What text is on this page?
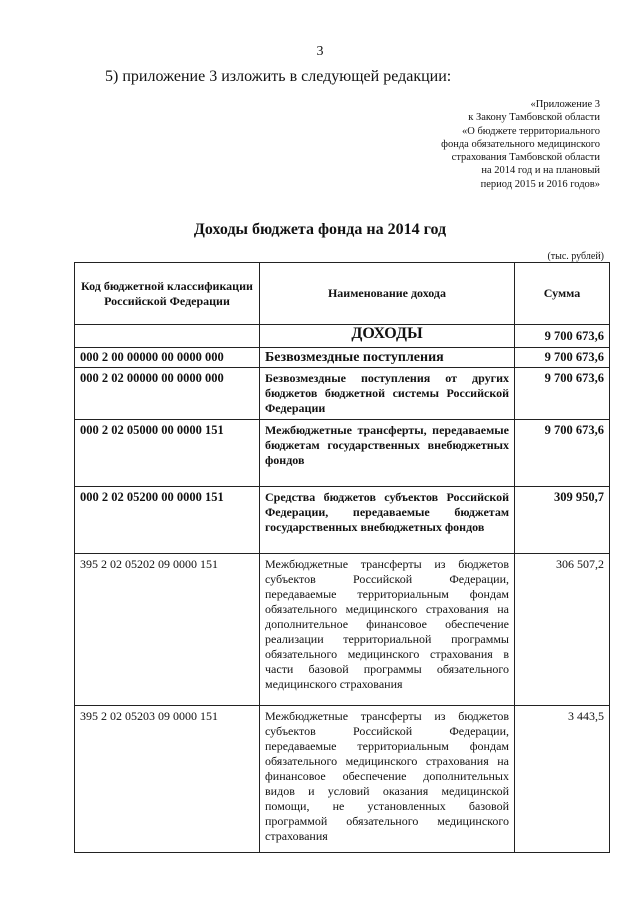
3
5) приложение 3 изложить в следующей редакции:
«Приложение 3
к Закону Тамбовской области
«О бюджете территориального
фонда обязательного медицинского
страхования Тамбовской области
на 2014 год и на плановый
период 2015 и 2016 годов»
Доходы бюджета фонда на 2014 год
(тыс. рублей)
Код бюджетной классификации Российской Федерации	Наименование дохода	Сумма
	ДОХОДЫ	9 700 673,6
000 2 00 00000 00 0000 000	Безвозмездные поступления	9 700 673,6
000 2 02 00000 00 0000 000	Безвозмездные поступления от других бюджетов бюджетной системы Российской Федерации	9 700 673,6
000 2 02 05000 00 0000 151	Межбюджетные трансферты, передаваемые бюджетам государственных внебюджетных фондов	9 700 673,6
000 2 02 05200 00 0000 151	Средства бюджетов субъектов Российской Федерации, передаваемые бюджетам государственных внебюджетных фондов	309 950,7
395 2 02 05202 09 0000 151	Межбюджетные трансферты из бюджетов субъектов Российской Федерации, передаваемые территориальным фондам обязательного медицинского страхования на дополнительное финансовое обеспечение реализации территориальной программы обязательного медицинского страхования в части базовой программы обязательного медицинского страхования	306 507,2
395 2 02 05203 09 0000 151	Межбюджетные трансферты из бюджетов субъектов Российской Федерации, передаваемые территориальным фондам обязательного медицинского страхования на финансовое обеспечение дополнительных видов и условий оказания медицинской помощи, не установленных базовой программой обязательного медицинского страхования	3 443,5
